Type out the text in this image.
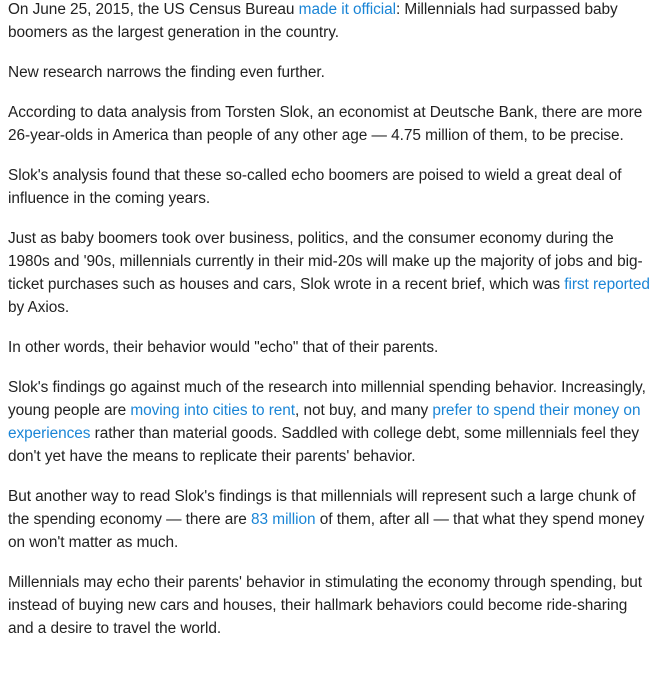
On June 25, 2015, the US Census Bureau made it official: Millennials had surpassed baby boomers as the largest generation in the country.

New research narrows the finding even further.

According to data analysis from Torsten Slok, an economist at Deutsche Bank, there are more 26-year-olds in America than people of any other age — 4.75 million of them, to be precise.

Slok's analysis found that these so-called echo boomers are poised to wield a great deal of influence in the coming years.

Just as baby boomers took over business, politics, and the consumer economy during the 1980s and '90s, millennials currently in their mid-20s will make up the majority of jobs and big-ticket purchases such as houses and cars, Slok wrote in a recent brief, which was first reported by Axios.

In other words, their behavior would "echo" that of their parents.

Slok's findings go against much of the research into millennial spending behavior. Increasingly, young people are moving into cities to rent, not buy, and many prefer to spend their money on experiences rather than material goods. Saddled with college debt, some millennials feel they don't yet have the means to replicate their parents' behavior.

But another way to read Slok's findings is that millennials will represent such a large chunk of the spending economy — there are 83 million of them, after all — that what they spend money on won't matter as much.

Millennials may echo their parents' behavior in stimulating the economy through spending, but instead of buying new cars and houses, their hallmark behaviors could become ride-sharing and a desire to travel the world.
